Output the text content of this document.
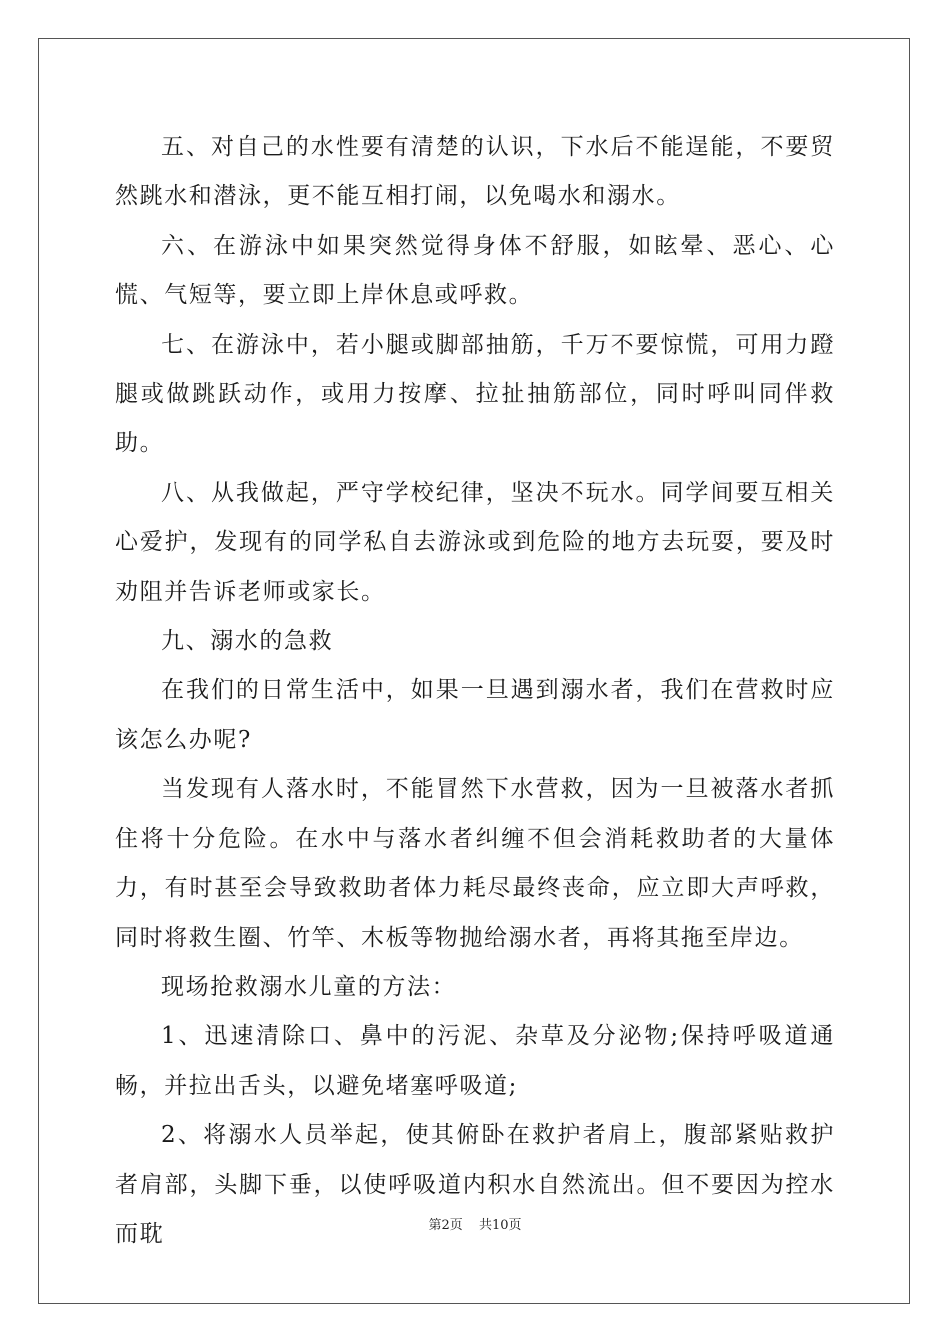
五、对自己的水性要有清楚的认识，下水后不能逞能，不要贸然跳水和潜泳，更不能互相打闹，以免喝水和溺水。

六、在游泳中如果突然觉得身体不舒服，如眩晕、恶心、心慌、气短等，要立即上岸休息或呼救。

七、在游泳中，若小腿或脚部抽筋，千万不要惊慌，可用力蹬腿或做跳跃动作，或用力按摩、拉扯抽筋部位，同时呼叫同伴救助。

八、从我做起，严守学校纪律，坚决不玩水。同学间要互相关心爱护，发现有的同学私自去游泳或到危险的地方去玩耍，要及时劝阻并告诉老师或家长。

九、溺水的急救

在我们的日常生活中，如果一旦遇到溺水者，我们在营救时应该怎么办呢?

当发现有人落水时，不能冒然下水营救，因为一旦被落水者抓住将十分危险。在水中与落水者纠缠不但会消耗救助者的大量体力，有时甚至会导致救助者体力耗尽最终丧命，应立即大声呼救，同时将救生圈、竹竿、木板等物抛给溺水者，再将其拖至岸边。

现场抢救溺水儿童的方法：

1、迅速清除口、鼻中的污泥、杂草及分泌物;保持呼吸道通畅，并拉出舌头，以避免堵塞呼吸道;

2、将溺水人员举起，使其俯卧在救护者肩上，腹部紧贴救护者肩部，头脚下垂，以使呼吸道内积水自然流出。但不要因为控水而耽	第2页 共10页
